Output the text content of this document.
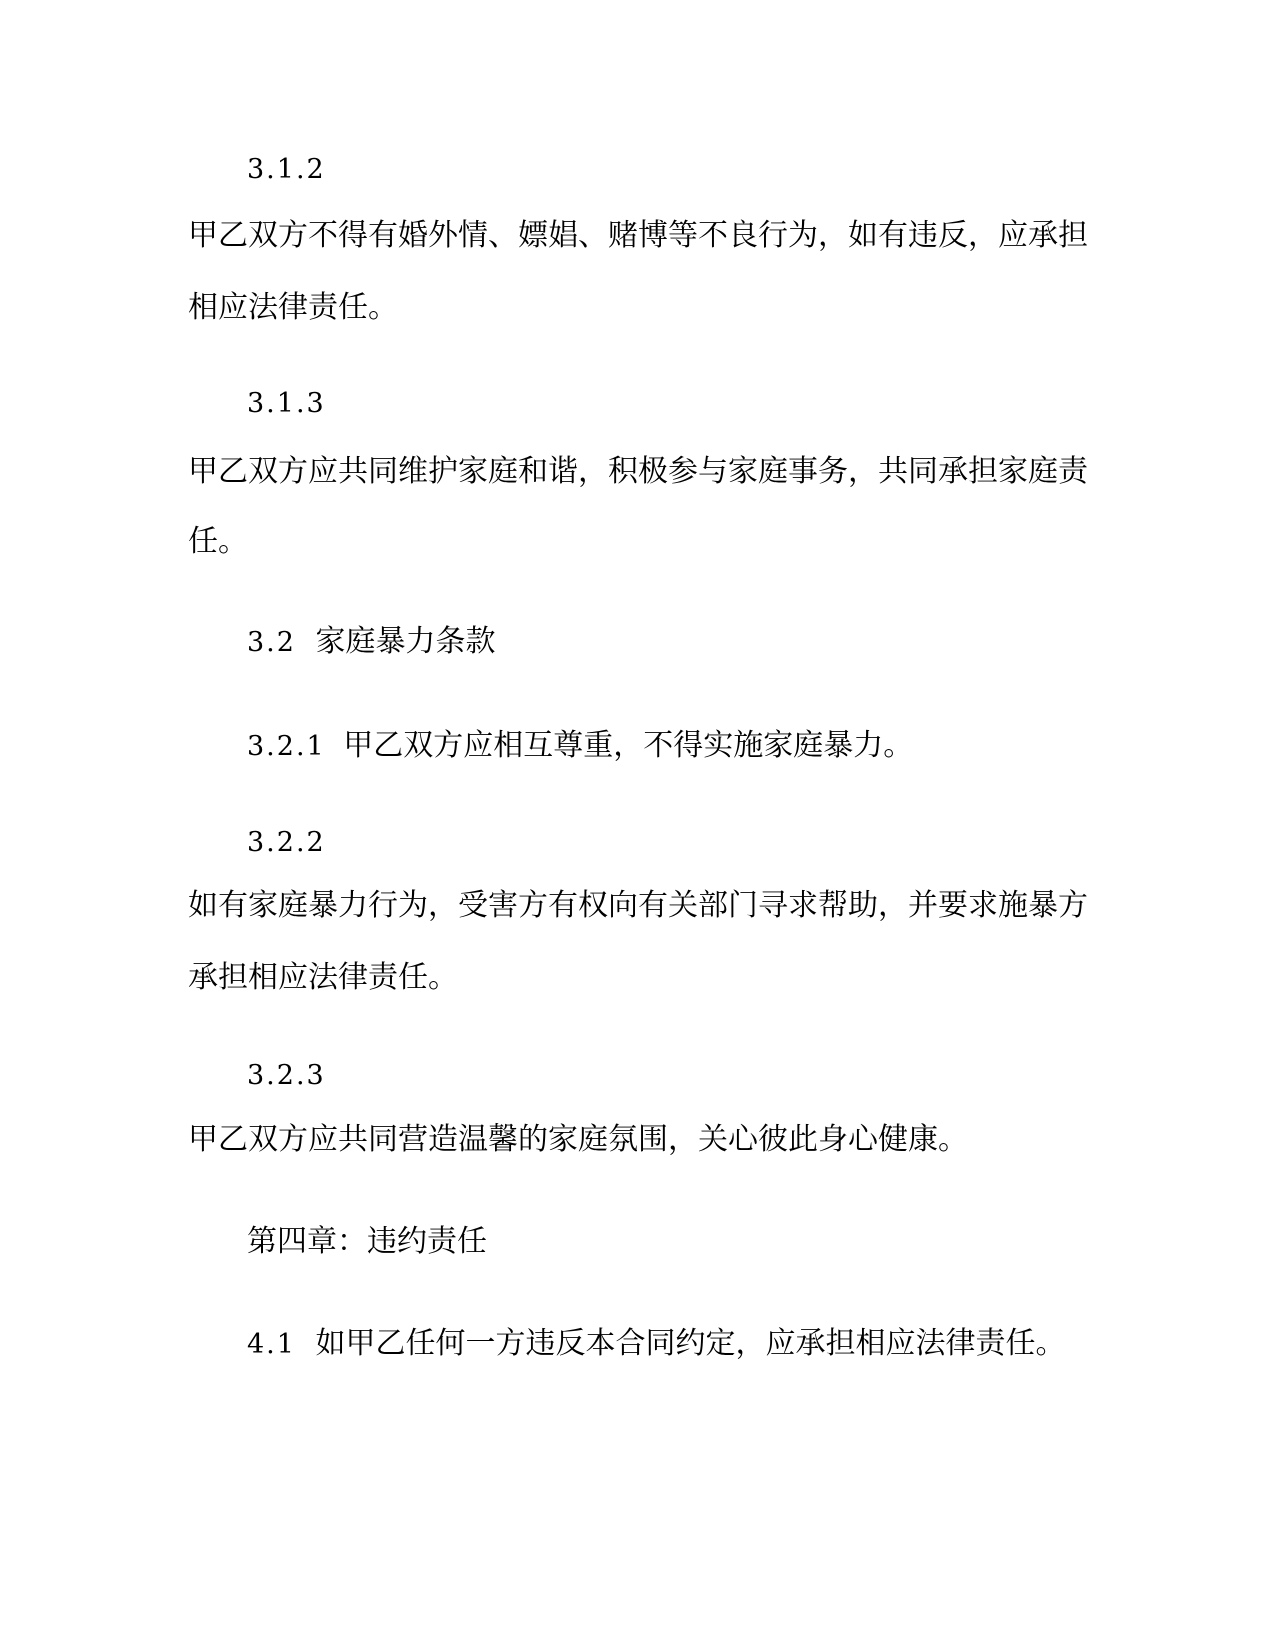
3.1.2
甲乙双方不得有婚外情、嫖娼、赌博等不良行为，如有违反，应承担
相应法律责任。
3.1.3
甲乙双方应共同维护家庭和谐，积极参与家庭事务，共同承担家庭责
任。
3.2 家庭暴力条款
3.2.1 甲乙双方应相互尊重，不得实施家庭暴力。
3.2.2
如有家庭暴力行为，受害方有权向有关部门寻求帮助，并要求施暴方
承担相应法律责任。
3.2.3
甲乙双方应共同营造温馨的家庭氛围，关心彼此身心健康。
第四章：违约责任
4.1 如甲乙任何一方违反本合同约定，应承担相应法律责任。
